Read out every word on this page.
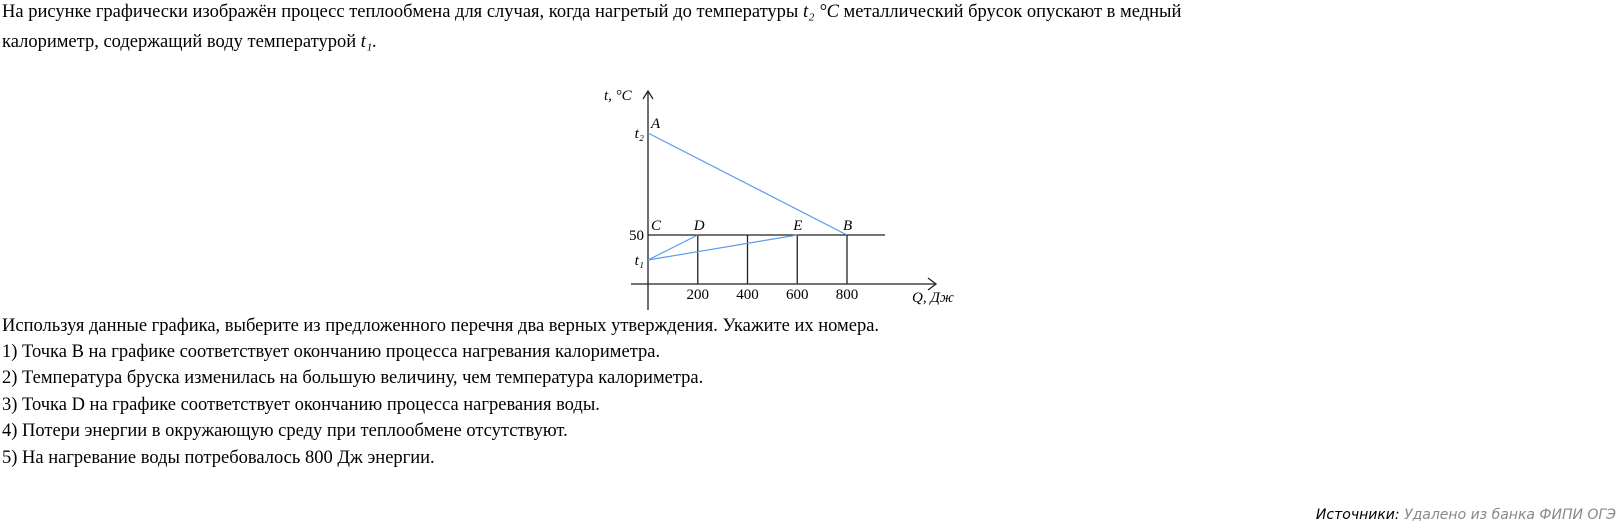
На рисунке графически изображён процесс теплообмена для случая, когда нагретый до температуры t₂ °C металлический брусок опускают в медный
калориметр, содержащий воду температурой t₁.
t, °C
Q, Дж
200 400 600 800
t₂
50
t₁
A
B
C D	E
Используя данные графика, выберите из предложенного перечня два верных утверждения. Укажите их номера.
1) Точка B на графике соответствует окончанию процесса нагревания калориметра.
2) Температура бруска изменилась на большую величину, чем температура калориметра.
3) Точка D на графике соответствует окончанию процесса нагревания воды.
4) Потери энергии в окружающую среду при теплообмене отсутствуют.
5) На нагревание воды потребовалось 800 Дж энергии.
Источники: Удалено из банка ФИПИ ОГЭ
